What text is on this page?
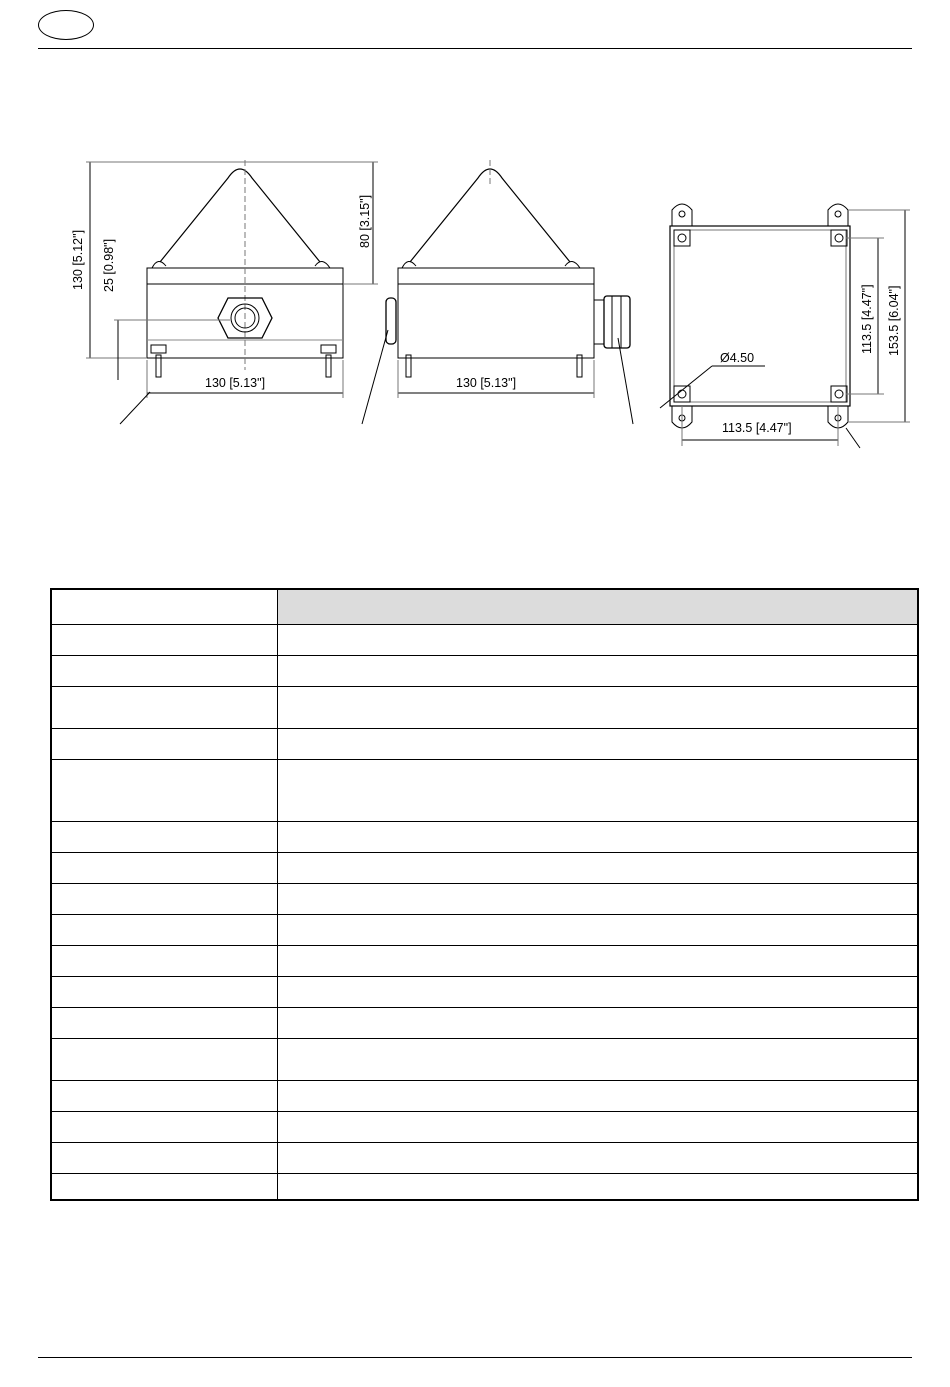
130 [5.12"] 25 [0.98"]
80 [3.15"]
130 [5.13"]	130 [5.13"]
Ø4.50
113.5 [4.47"] 153.5 [6.04"]
113.5 [4.47"]
